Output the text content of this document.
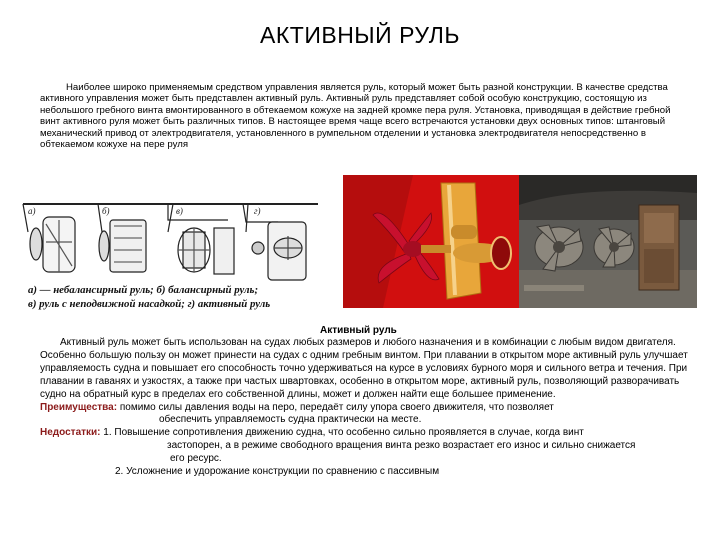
АКТИВНЫЙ РУЛЬ
Наиболее широко применяемым средством управления является руль, который может быть разной конструкции. В качестве средства активного управления может быть представлен активный руль. Активный руль представляет собой особую конструкцию, состоящую из небольшого гребного винта вмонтированного в обтекаемом кожухе на задней кромке пера руля. Установка, приводящая в действие гребной винт активного руля может быть различных типов. В настоящее время чаще всего встречаются установки двух основных типов: штанговый механический привод от электродвигателя, установленного в румпельном отделении и установка электродвигателя непосредственно в обтекаемом кожухе на пере руля
а)	б)	в)	г)
а) — небалансирный руль; б) балансирный руль;
в) руль с неподвижной насадкой; г) активный руль
Активный руль

Активный руль может быть использован на судах любых размеров и любого назначения и в комбинации с любым видом двигателя. Особенно большую пользу он может принести на судах с одним гребным винтом. При плавании в открытом море активный руль улучшает управляемость судна и повышает его способность точно удерживаться на курсе в условиях бурного моря и сильного ветра и течения. При плавании в гаванях и узкостях, а также при частых швартовках, особенно в открытом море, активный руль, позволяющий разворачивать судно на обратный курс в пределах его собственной длины, может и должен найти еще большее применение.

Преимущества: помимо силы давления воды на перо, передаёт силу упора своего движителя, что позволяет

обеспечить управляемость судна практически на месте.

Недостатки: 1. Повышение сопротивления движению судна, что особенно сильно проявляется в случае, когда винт

застопорен, а в режиме свободного вращения винта резко возрастает его износ и сильно снижается

его ресурс.

2. Усложнение и удорожание конструкции по сравнению с пассивным
